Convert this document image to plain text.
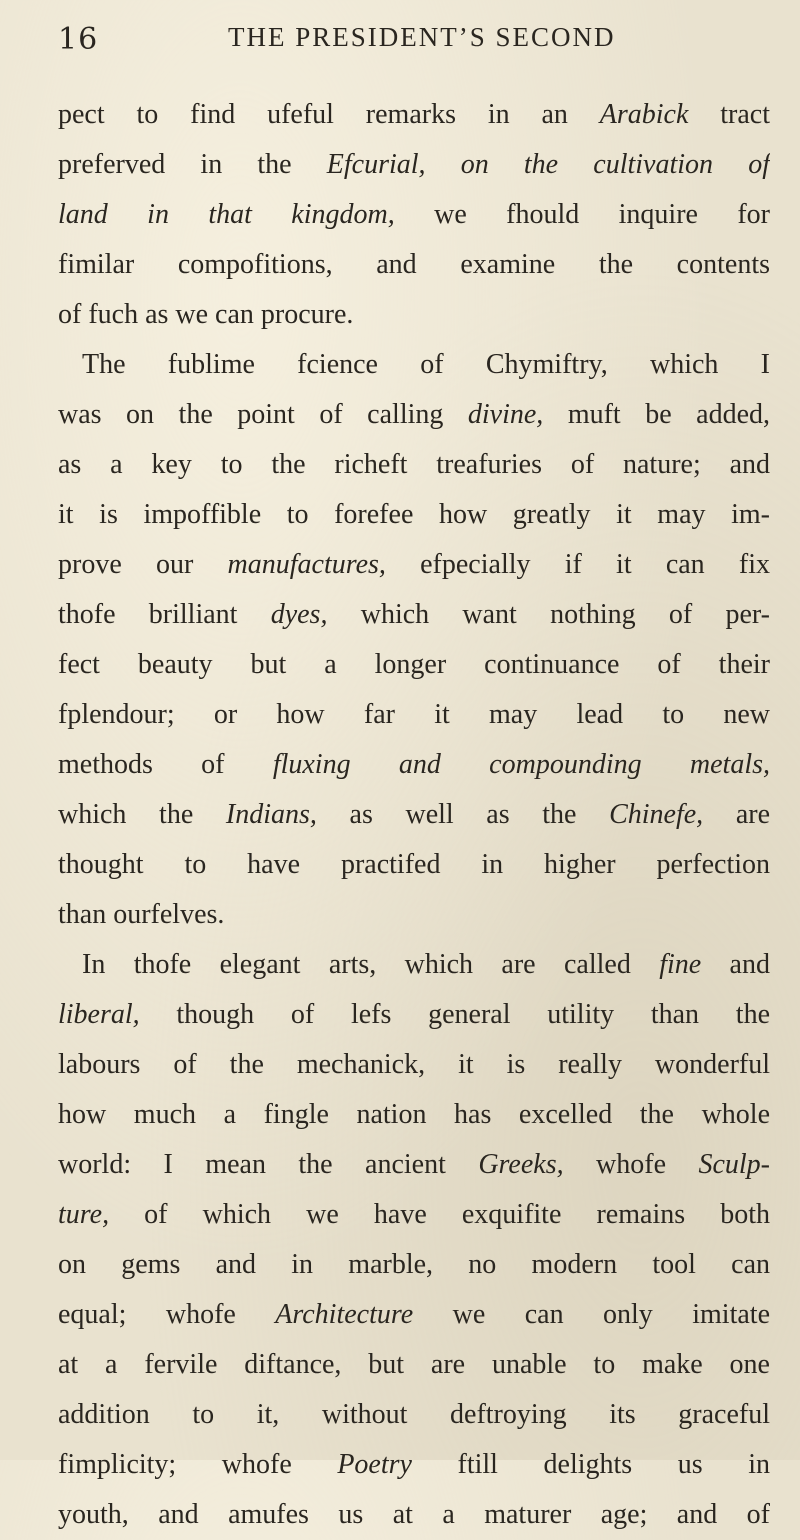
16	THE PRESIDENT’S SECOND
pect to find ufeful remarks in an Arabick tract
preferved in the Efcurial, on the cultivation of
land in that kingdom, we fhould inquire for
fimilar compofitions, and examine the contents
of fuch as we can procure.
The fublime fcience of Chymiftry, which I
was on the point of calling divine, muft be added,
as a key to the richeft treafuries of nature; and
it is impoffible to forefee how greatly it may im-
prove our manufactures, efpecially if it can fix
thofe brilliant dyes, which want nothing of per-
fect beauty but a longer continuance of their
fplendour; or how far it may lead to new
methods of fluxing and compounding metals,
which the Indians, as well as the Chinefe, are
thought to have practifed in higher perfection
than ourfelves.
In thofe elegant arts, which are called fine and
liberal, though of lefs general utility than the
labours of the mechanick, it is really wonderful
how much a fingle nation has excelled the whole
world: I mean the ancient Greeks, whofe Sculp-
ture, of which we have exquifite remains both
on gems and in marble, no modern tool can
equal; whofe Architecture we can only imitate
at a fervile diftance, but are unable to make one
addition to it, without deftroying its graceful
fimplicity; whofe Poetry ftill delights us in
youth, and amufes us at a maturer age; and of
